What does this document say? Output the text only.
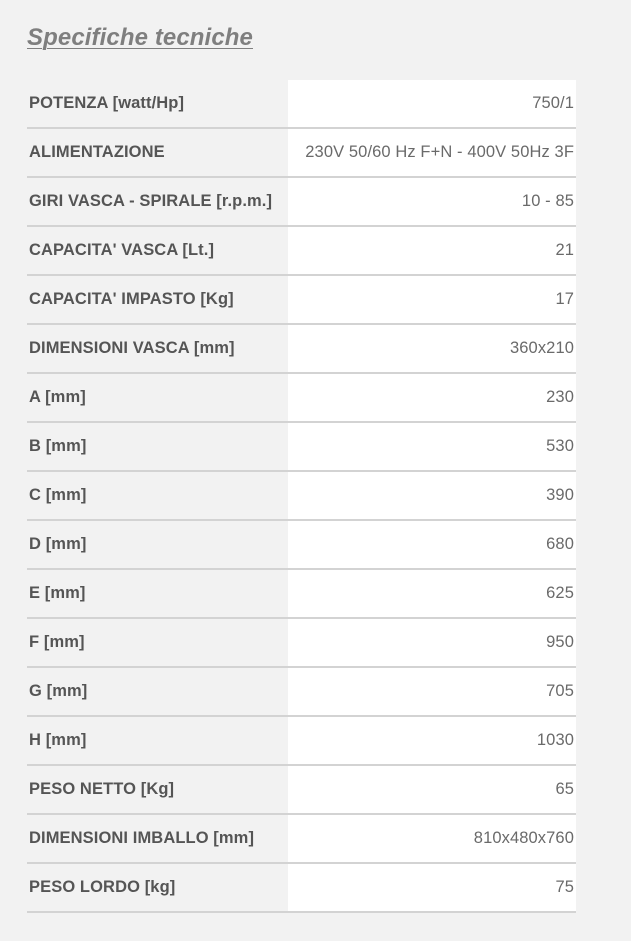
Specifiche tecniche
POTENZA [watt/Hp]	750/1
ALIMENTAZIONE	230V 50/60 Hz F+N - 400V 50Hz 3F
GIRI VASCA - SPIRALE [r.p.m.]	10 - 85
CAPACITA' VASCA [Lt.]	21
CAPACITA' IMPASTO [Kg]	17
DIMENSIONI VASCA [mm]	360x210
A [mm]	230
B [mm]	530
C [mm]	390
D [mm]	680
E [mm]	625
F [mm]	950
G [mm]	705
H [mm]	1030
PESO NETTO [Kg]	65
DIMENSIONI IMBALLO [mm]	810x480x760
PESO LORDO [kg]	75
